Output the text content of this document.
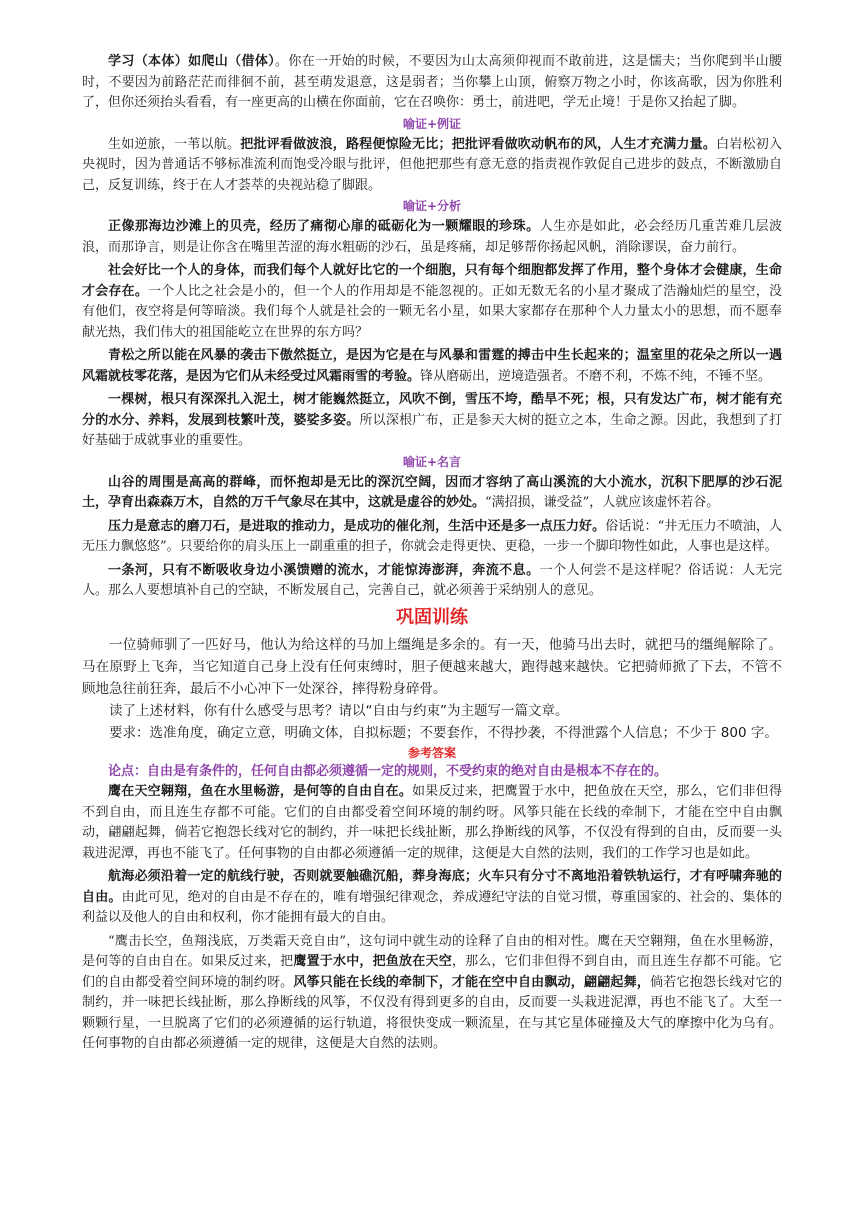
学习（本体）如爬山（借体）。你在一开始的时候，不要因为山太高须仰视而不敢前进，这是懦夫；当你爬到半山腰时，不要因为前路茫茫而徘徊不前，甚至萌发退意，这是弱者；当你攀上山顶，俯察万物之小时，你该高歌，因为你胜利了，但你还须抬头看看，有一座更高的山横在你面前，它在召唤你：勇士，前进吧，学无止境！于是你又抬起了脚。

喻证+例证

生如逆旅，一苇以航。把批评看做波浪，路程便惊险无比；把批评看做吹动帆布的风，人生才充满力量。白岩松初入央视时，因为普通话不够标准流利而饱受冷眼与批评，但他把那些有意无意的指责视作敦促自己进步的鼓点，不断激励自己，反复训练，终于在人才荟萃的央视站稳了脚跟。

喻证+分析

正像那海边沙滩上的贝壳，经历了痛彻心扉的砥砺化为一颗耀眼的珍珠。人生亦是如此，必会经历几重苦难几层波浪，而那诤言，则是让你含在嘴里苦涩的海水粗砺的沙石，虽是疼痛，却足够帮你扬起风帆，消除谬误，奋力前行。

社会好比一个人的身体，而我们每个人就好比它的一个细胞，只有每个细胞都发挥了作用，整个身体才会健康，生命才会存在。一个人比之社会是小的，但一个人的作用却是不能忽视的。正如无数无名的小星才聚成了浩瀚灿烂的星空，没有他们，夜空将是何等暗淡。我们每个人就是社会的一颗无名小星，如果大家都存在那种个人力量太小的思想，而不愿奉献光热，我们伟大的祖国能屹立在世界的东方吗？

青松之所以能在风暴的袭击下傲然挺立，是因为它是在与风暴和雷霆的搏击中生长起来的；温室里的花朵之所以一遇风霜就枝零花落，是因为它们从未经受过风霜雨雪的考验。锋从磨砺出，逆境造强者。不磨不利，不炼不纯，不锤不坚。

一棵树，根只有深深扎入泥土，树才能巍然挺立，风吹不倒，雪压不垮，酷旱不死；根，只有发达广布，树才能有充分的水分、养料，发展到枝繁叶茂，婆娑多姿。所以深根广布，正是参天大树的挺立之本，生命之源。因此，我想到了打好基础于成就事业的重要性。

喻证+名言

山谷的周围是高高的群峰，而怀抱却是无比的深沉空阔，因而才容纳了高山溪流的大小流水，沉积下肥厚的沙石泥土，孕育出森森万木，自然的万千气象尽在其中，这就是虚谷的妙处。“满招损，谦受益”，人就应该虚怀若谷。

压力是意志的磨刀石，是进取的推动力，是成功的催化剂，生活中还是多一点压力好。俗话说：“井无压力不喷油，人无压力飘悠悠”。只要给你的肩头压上一副重重的担子，你就会走得更快、更稳，一步一个脚印物性如此，人事也是这样。

一条河，只有不断吸收身边小溪馈赠的流水，才能惊涛澎湃，奔流不息。一个人何尝不是这样呢？俗话说：人无完人。那么人要想填补自己的空缺，不断发展自己，完善自己，就必须善于采纳别人的意见。

巩固训练

一位骑师驯了一匹好马，他认为给这样的马加上缰绳是多余的。有一天，他骑马出去时，就把马的缰绳解除了。马在原野上飞奔，当它知道自己身上没有任何束缚时，胆子便越来越大，跑得越来越快。它把骑师掀了下去，不管不顾地急往前狂奔，最后不小心冲下一处深谷，摔得粉身碎骨。

读了上述材料，你有什么感受与思考？请以“自由与约束”为主题写一篇文章。

要求：选准角度，确定立意，明确文体，自拟标题；不要套作，不得抄袭，不得泄露个人信息；不少于 800 字。

参考答案

论点：自由是有条件的，任何自由都必须遵循一定的规则，不受约束的绝对自由是根本不存在的。

鹰在天空翱翔，鱼在水里畅游，是何等的自由自在。如果反过来，把鹰置于水中，把鱼放在天空，那么，它们非但得不到自由，而且连生存都不可能。它们的自由都受着空间环境的制约呀。风筝只能在长线的牵制下，才能在空中自由飘动，翩翩起舞，倘若它抱怨长线对它的制约，并一味把长线扯断，那么挣断线的风筝，不仅没有得到的自由，反而要一头栽进泥潭，再也不能飞了。任何事物的自由都必须遵循一定的规律，这便是大自然的法则，我们的工作学习也是如此。

航海必须沿着一定的航线行驶，否则就要触礁沉船，葬身海底；火车只有分寸不离地沿着铁轨运行，才有呼啸奔驰的自由。由此可见，绝对的自由是不存在的，唯有增强纪律观念，养成遵纪守法的自觉习惯，尊重国家的、社会的、集体的利益以及他人的自由和权利，你才能拥有最大的自由。

“鹰击长空，鱼翔浅底，万类霜天竞自由”，这句词中就生动的诠释了自由的相对性。鹰在天空翱翔，鱼在水里畅游，是何等的自由自在。如果反过来，把鹰置于水中，把鱼放在天空，那么，它们非但得不到自由，而且连生存都不可能。它们的自由都受着空间环境的制约呀。风筝只能在长线的牵制下，才能在空中自由飘动，翩翩起舞，倘若它抱怨长线对它的制约，并一味把长线扯断，那么挣断线的风筝，不仅没有得到更多的自由，反而要一头栽进泥潭，再也不能飞了。大至一颗颗行星，一旦脱离了它们的必须遵循的运行轨道，将很快变成一颗流星，在与其它星体碰撞及大气的摩擦中化为乌有。任何事物的自由都必须遵循一定的规律，这便是大自然的法则。
